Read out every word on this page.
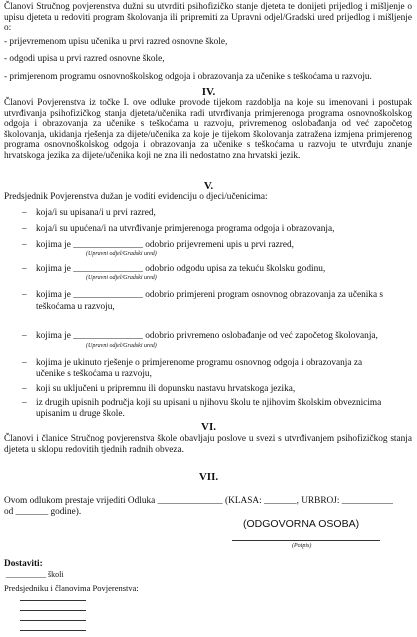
Članovi Stručnog povjerenstva dužni su utvrditi psihofizičko stanje djeteta te donijeti prijedlog i mišljenje o upisu djeteta u redoviti program školovanja ili pripremiti za Upravni odjel/Gradski ured prijedlog i mišljenje o:
- prijevremenom upisu učenika u prvi razred osnovne škole,
- odgodi upisa u prvi razred osnovne škole,
- primjerenom programu osnovnoškolskog odgoja i obrazovanja za učenike s teškoćama u razvoju.
IV.
Članovi Povjerenstva iz točke I. ove odluke provode tijekom razdoblja na koje su imenovani i postupak utvrđivanja psihofizičkog stanja djeteta/učenika radi utvrđivanja primjerenoga programa osnovnoškolskog odgoja i obrazovanja za učenike s teškoćama u razvoju, privremenog oslobađanja od već započetog školovanja, ukidanja rješenja za dijete/učenika za koje je tijekom školovanja zatražena izmjena primjerenog programa osnovnoškolskog odgoja i obrazovanja za učenike s teškoćama u razvoju te utvrđuju znanje hrvatskoga jezika za dijete/učenika koji ne zna ili nedostatno zna hrvatski jezik.
V.
Predsjednik Povjerenstva dužan je voditi evidenciju o djeci/učenicima:
– koja/i su upisana/i u prvi razred,
– koja/i su upućena/i na utvrđivanje primjerenoga programa odgoja i obrazovanja,
– kojima je _______________ odobrio prijevremeni upis u prvi razred,
(Upravni odjel/Gradski ured)
– kojima je _______________ odobrio odgodu upisa za tekuću školsku godinu,
(Upravni odjel/Gradski ured)
– kojima je _______________ odobrio primjereni program osnovnog obrazovanja za učenika s
teškoćama u razvoju,
– kojima je _______________ odobrio privremeno oslobađanje od već započetog školovanja,
(Upravni odjel/Gradski ured)
– kojima je ukinuto rješenje o primjerenome programu osnovnog odgoja i obrazovanja za
učenike s teškoćama u razvoju,
– koji su uključeni u pripremnu ili dopunsku nastavu hrvatskoga jezika,
– iz drugih upisnih područja koji su upisani u njihovu školu te njihovim školskim obveznicima
upisanim u druge škole.
VI.
Članovi i članice Stručnog povjerenstva škole obavljaju poslove u svezi s utvrđivanjem psihofizičkog stanja djeteta u sklopu redovitih tjednih radnih obveza.
VII.
Ovom odlukom prestaje vrijediti Odluka ______________ (KLASA: _______, URBROJ: ___________
od _______ godine).
(ODGOVORNA OSOBA)
(Potpis)
Dostaviti:
__________ školi
Predsjedniku i članovima Povjerenstva:
